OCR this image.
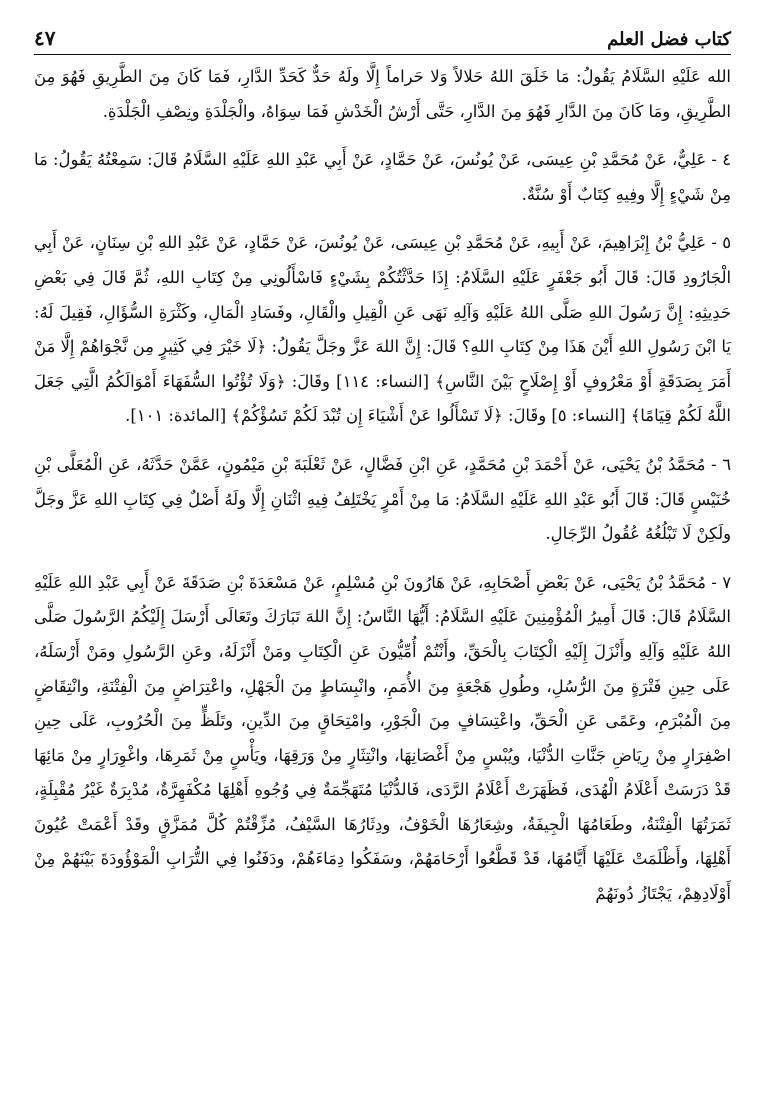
كتاب فضل العلم
٤٧

الله عَلَيْهِ السَّلَامُ يَقُولُ: مَا خَلَقَ اللهُ حَلالاً وَلا حَراماً إِلَّا ولَهُ حَدٌّ كَحَدِّ الدَّارِ، فَمَا كَانَ مِنَ الطَّرِيقِ فَهُوَ مِنَ الطَّرِيقِ، ومَا كَانَ مِنَ الدَّارِ فَهُوَ مِنَ الدَّارِ، حَتَّى أَرْشُ الْخَدْشِ فَمَا سِوَاهُ، والْجَلْدَةِ ونِصْفِ الْجَلْدَةِ.

٤ - عَلِيٌّ، عَنْ مُحَمَّدِ بْنِ عِيسَى، عَنْ يُونُسَ، عَنْ حَمَّادٍ، عَنْ أَبِي عَبْدِ اللهِ عَلَيْهِ السَّلَامُ قَالَ: سَمِعْتُهُ يَقُولُ: مَا مِنْ شَيْءٍ إِلَّا وفِيهِ كِتَابٌ أَوْ سُنَّةٌ.

٥ - عَلِيُّ بْنُ إِبْرَاهِيمَ، عَنْ أَبِيهِ، عَنْ مُحَمَّدِ بْنِ عِيسَى، عَنْ يُونُسَ، عَنْ حَمَّادٍ، عَنْ عَبْدِ اللهِ بْنِ سِنَانٍ، عَنْ أَبِي الْجَارُودِ قَالَ: قَالَ أَبُو جَعْفَرٍ عَلَيْهِ السَّلَامُ: إِذَا حَدَّثْتُكُمْ بِشَيْءٍ فَاسْأَلُونِي مِنْ كِتَابِ اللهِ، ثُمَّ قَالَ فِي بَعْضِ حَدِيثِهِ: إِنَّ رَسُولَ اللهِ صَلَّى اللهُ عَلَيْهِ وَآلِهِ نَهَى عَنِ الْقِيلِ والْقَالِ، وفَسَادِ الْمَالِ، وكَثْرَةِ السُّؤَالِ، فَقِيلَ لَهُ: يَا ابْنَ رَسُولِ اللهِ أَيْنَ هَذَا مِنْ كِتَابِ اللهِ؟ قَالَ: إِنَّ اللهَ عَزَّ وجَلَّ يَقُولُ: ﴿لَا خَيْرَ فِي كَثِيرٍ مِن نَّجْوَاهُمْ إِلَّا مَنْ أَمَرَ بِصَدَقَةٍ أَوْ مَعْرُوفٍ أَوْ إِصْلَاحٍ بَيْنَ النَّاسِ﴾ [النساء: ١١٤] وقَالَ: ﴿وَلَا تُؤْتُوا السُّفَهَاءَ أَمْوَالَكُمُ الَّتِي جَعَلَ اللَّهُ لَكُمْ قِيَامًا﴾ [النساء: ٥] وقَالَ: ﴿لَا تَسْأَلُوا عَنْ أَشْيَاءَ إِن تُبْدَ لَكُمْ تَسُؤْكُمْ﴾ [المائدة: ١٠١].

٦ - مُحَمَّدُ بْنُ يَحْيَى، عَنْ أَحْمَدَ بْنِ مُحَمَّدٍ، عَنِ ابْنِ فَضَّالٍ، عَنْ ثَعْلَبَةَ بْنِ مَيْمُونٍ، عَمَّنْ حَدَّثَهُ، عَنِ الْمُعَلَّى بْنِ خُنَيْسٍ قَالَ: قَالَ أَبُو عَبْدِ اللهِ عَلَيْهِ السَّلَامُ: مَا مِنْ أَمْرٍ يَخْتَلِفُ فِيهِ اثْنَانِ إِلَّا ولَهُ أَصْلٌ فِي كِتَابِ اللهِ عَزَّ وجَلَّ ولَكِنْ لَا تَبْلُغُهُ عُقُولُ الرِّجَالِ.

٧ - مُحَمَّدُ بْنُ يَحْيَى، عَنْ بَعْضِ أَصْحَابِهِ، عَنْ هَارُونَ بْنِ مُسْلِمٍ، عَنْ مَسْعَدَةَ بْنِ صَدَقَةَ عَنْ أَبِي عَبْدِ اللهِ عَلَيْهِ السَّلَامُ قَالَ: قَالَ أَمِيرُ الْمُؤْمِنِينَ عَلَيْهِ السَّلَامُ: أَيُّهَا النَّاسُ: إِنَّ اللهَ تَبَارَكَ وتَعَالَى أَرْسَلَ إِلَيْكُمُ الرَّسُولَ صَلَّى اللهُ عَلَيْهِ وَآلِهِ وأَنْزَلَ إِلَيْهِ الْكِتَابَ بِالْحَقِّ، وأَنْتُمْ أُمِّيُّونَ عَنِ الْكِتَابِ ومَنْ أَنْزَلَهُ، وعَنِ الرَّسُولِ ومَنْ أَرْسَلَهُ، عَلَى حِينِ فَتْرَةٍ مِنَ الرُّسُلِ، وطُولِ هَجْعَةٍ مِنَ الأُمَمِ، وانْبِسَاطٍ مِنَ الْجَهْلِ، واعْتِرَاضٍ مِنَ الْفِتْنَةِ، وانْتِقَاضٍ مِنَ الْمُبْرَمِ، وعَمًى عَنِ الْحَقِّ، واعْتِسَافٍ مِنَ الْجَوْرِ، وامْتِحَاقٍ مِنَ الدِّينِ، وتَلَظٍّ مِنَ الْحُرُوبِ، عَلَى حِينِ اصْفِرَارٍ مِنْ رِيَاضِ جَنَّاتِ الدُّنْيَا، ويُبْسٍ مِنْ أَغْصَانِهَا، وانْتِثَارٍ مِنْ وَرَقِهَا، ويَأْسٍ مِنْ ثَمَرِهَا، واغْوِرَارٍ مِنْ مَائِهَا قَدْ دَرَسَتْ أَعْلَامُ الْهُدَى، فَظَهَرَتْ أَعْلَامُ الرَّدَى، فَالدُّنْيَا مُتَهَجِّمَةٌ فِي وُجُوهِ أَهْلِهَا مُكْفَهِرَّةٌ، مُدْبِرَةٌ غَيْرُ مُقْبِلَةٍ، ثَمَرَتُهَا الْفِتْنَةُ، وطَعَامُهَا الْجِيفَةُ، وشِعَارُهَا الْخَوْفُ، ودِثَارُهَا السَّيْفُ، مُزِّقْتُمْ كُلَّ مُمَزَّقٍ وقَدْ أَعْمَتْ عُيُونَ أَهْلِهَا، وأَظْلَمَتْ عَلَيْهَا أَيَّامُهَا، قَدْ قَطَّعُوا أَرْحَامَهُمْ، وسَفَكُوا دِمَاءَهُمْ، ودَفَنُوا فِي التُّرَابِ الْمَوْؤُودَةَ بَيْنَهُمْ مِنْ أَوْلَادِهِمْ، يَجْتَازُ دُونَهُمْ
